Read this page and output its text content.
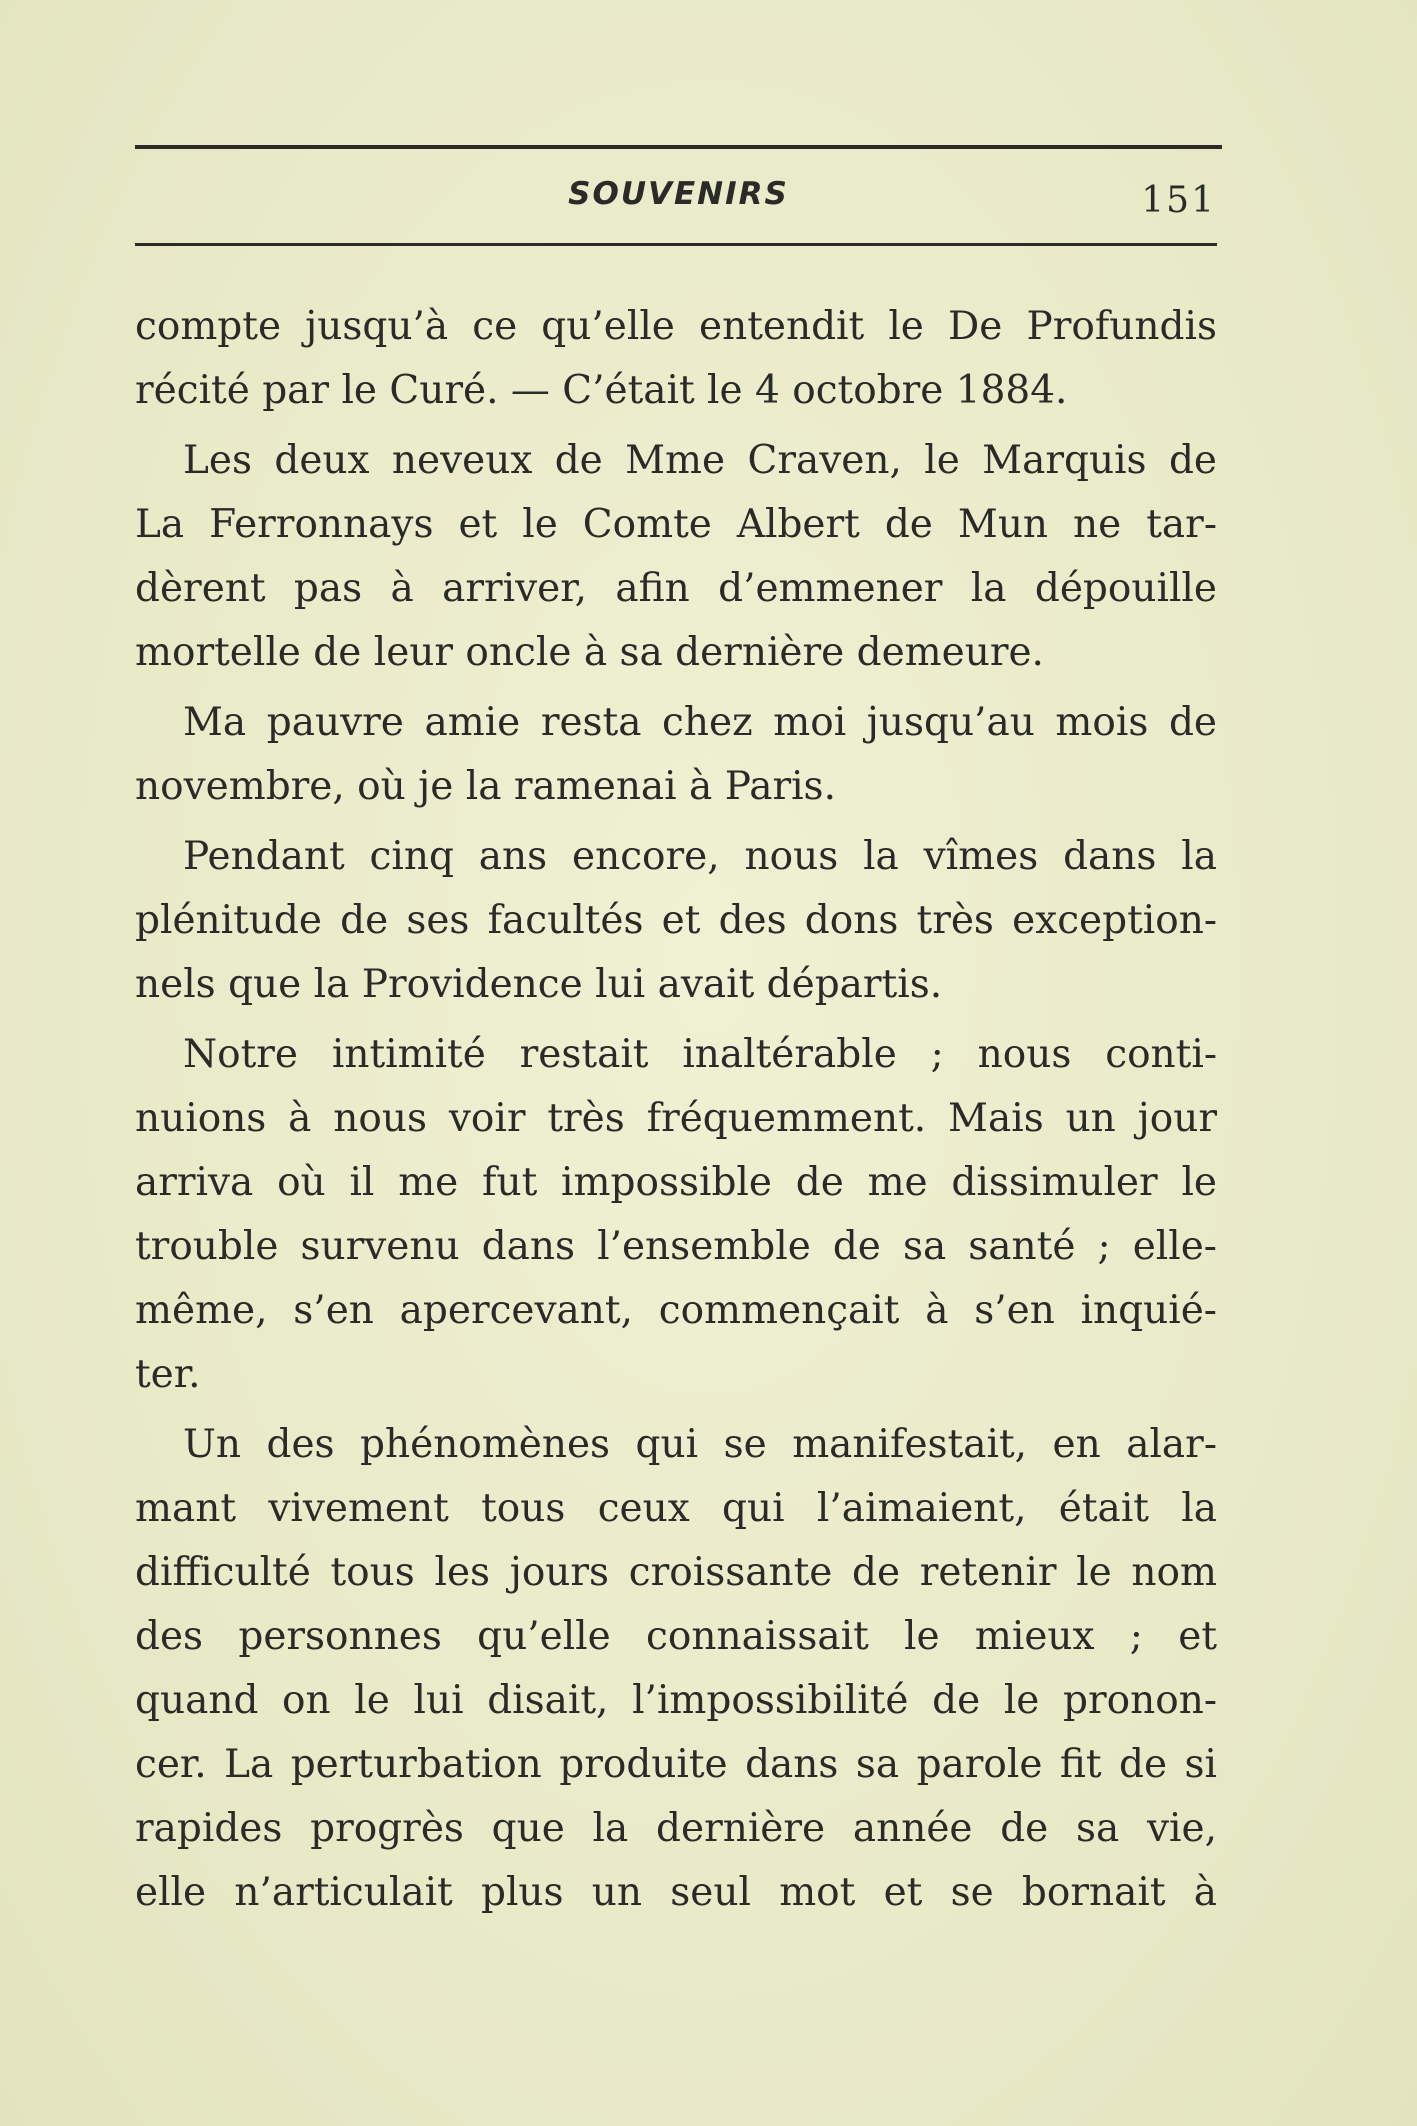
SOUVENIRS	151
compte jusqu’à ce qu’elle entendit le De Profundis
récité par le Curé. — C’était le 4 octobre 1884.
Les deux neveux de Mme Craven, le Marquis de
La Ferronnays et le Comte Albert de Mun ne tar-
dèrent pas à arriver, afin d’emmener la dépouille
mortelle de leur oncle à sa dernière demeure.
Ma pauvre amie resta chez moi jusqu’au mois de
novembre, où je la ramenai à Paris.
Pendant cinq ans encore, nous la vîmes dans la
plénitude de ses facultés et des dons très exception-
nels que la Providence lui avait départis.
Notre intimité restait inaltérable ; nous conti-
nuions à nous voir très fréquemment. Mais un jour
arriva où il me fut impossible de me dissimuler le
trouble survenu dans l’ensemble de sa santé ; elle-
même, s’en apercevant, commençait à s’en inquié-
ter.
Un des phénomènes qui se manifestait, en alar-
mant vivement tous ceux qui l’aimaient, était la
difficulté tous les jours croissante de retenir le nom
des personnes qu’elle connaissait le mieux ; et
quand on le lui disait, l’impossibilité de le pronon-
cer. La perturbation produite dans sa parole fit de si
rapides progrès que la dernière année de sa vie,
elle n’articulait plus un seul mot et se bornait à
